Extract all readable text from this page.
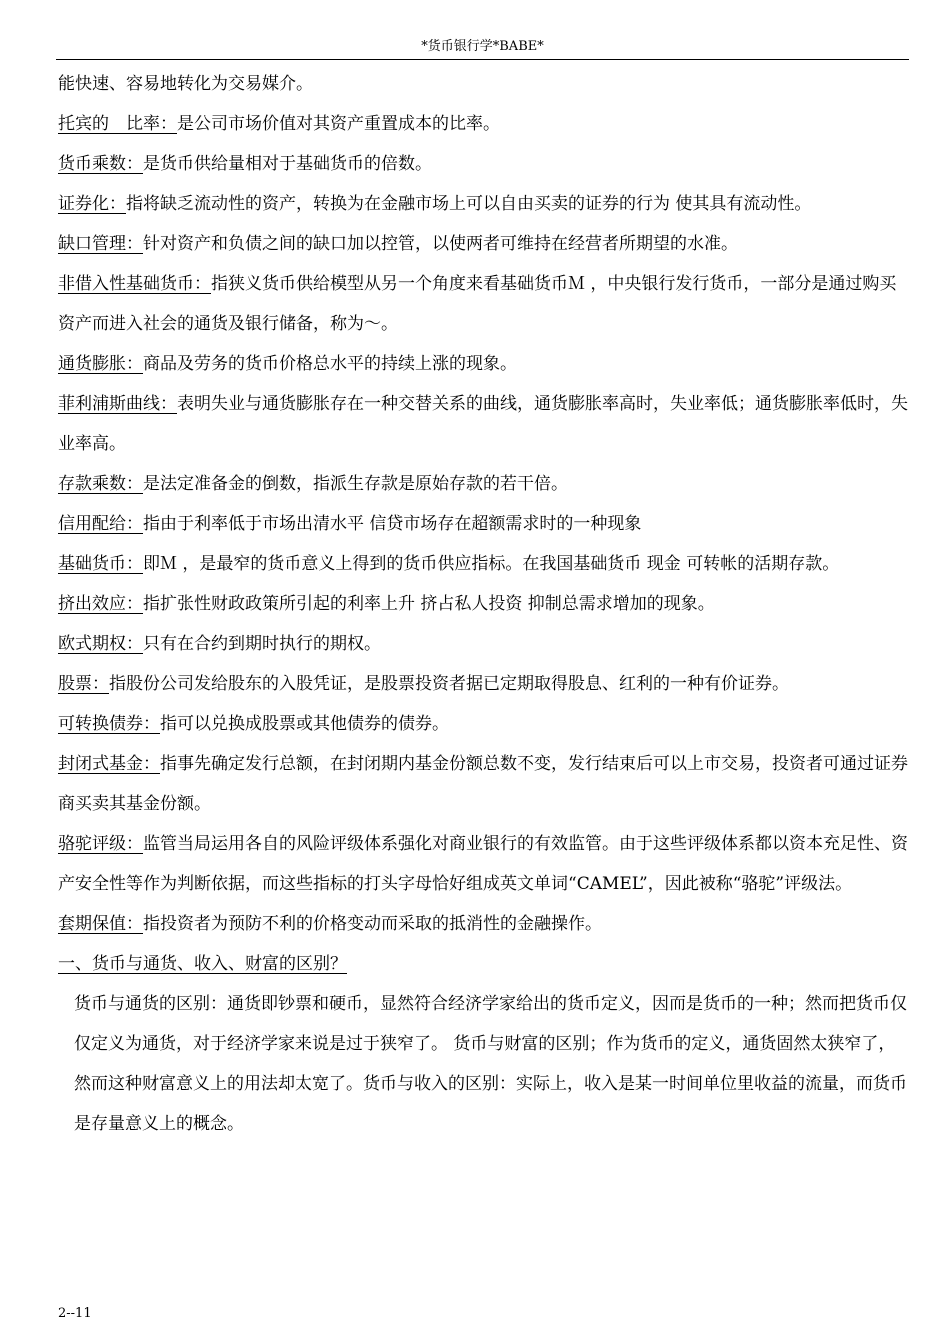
*货币银行学*BABE*
能快速、容易地转化为交易媒介。
托宾的　比率：是公司市场价值对其资产重置成本的比率。
货币乘数：是货币供给量相对于基础货币的倍数。
证券化：指将缺乏流动性的资产，转换为在金融市场上可以自由买卖的证券的行为 使其具有流动性。
缺口管理：针对资产和负债之间的缺口加以控管，以使两者可维持在经营者所期望的水准。
非借入性基础货币：指狭义货币供给模型从另一个角度来看基础货币Ｍ ，中央银行发行货币，一部分是通过购买资产而进入社会的通货及银行储备，称为～。
通货膨胀：商品及劳务的货币价格总水平的持续上涨的现象。
菲利浦斯曲线：表明失业与通货膨胀存在一种交替关系的曲线，通货膨胀率高时，失业率低；通货膨胀率低时，失业率高。
存款乘数：是法定准备金的倒数，指派生存款是原始存款的若干倍。
信用配给：指由于利率低于市场出清水平 信贷市场存在超额需求时的一种现象
基础货币：即Ｍ ，是最窄的货币意义上得到的货币供应指标。在我国基础货币 现金 可转帐的活期存款。
挤出效应：指扩张性财政政策所引起的利率上升 挤占私人投资 抑制总需求增加的现象。
欧式期权：只有在合约到期时执行的期权。
股票：指股份公司发给股东的入股凭证，是股票投资者据已定期取得股息、红利的一种有价证券。
可转换债券：指可以兑换成股票或其他债券的债券。
封闭式基金：指事先确定发行总额，在封闭期内基金份额总数不变，发行结束后可以上市交易，投资者可通过证券商买卖其基金份额。
骆驼评级：监管当局运用各自的风险评级体系强化对商业银行的有效监管。由于这些评级体系都以资本充足性、资产安全性等作为判断依据，而这些指标的打头字母恰好组成英文单词“CAMEL”，因此被称“骆驼”评级法。
套期保值：指投资者为预防不利的价格变动而采取的抵消性的金融操作。
一、货币与通货、收入、财富的区别？
货币与通货的区别：通货即钞票和硬币，显然符合经济学家给出的货币定义，因而是货币的一种；然而把货币仅仅定义为通货，对于经济学家来说是过于狭窄了。 货币与财富的区别；作为货币的定义，通货固然太狭窄了，然而这种财富意义上的用法却太宽了。货币与收入的区别：实际上，收入是某一时间单位里收益的流量，而货币是存量意义上的概念。
2--11
